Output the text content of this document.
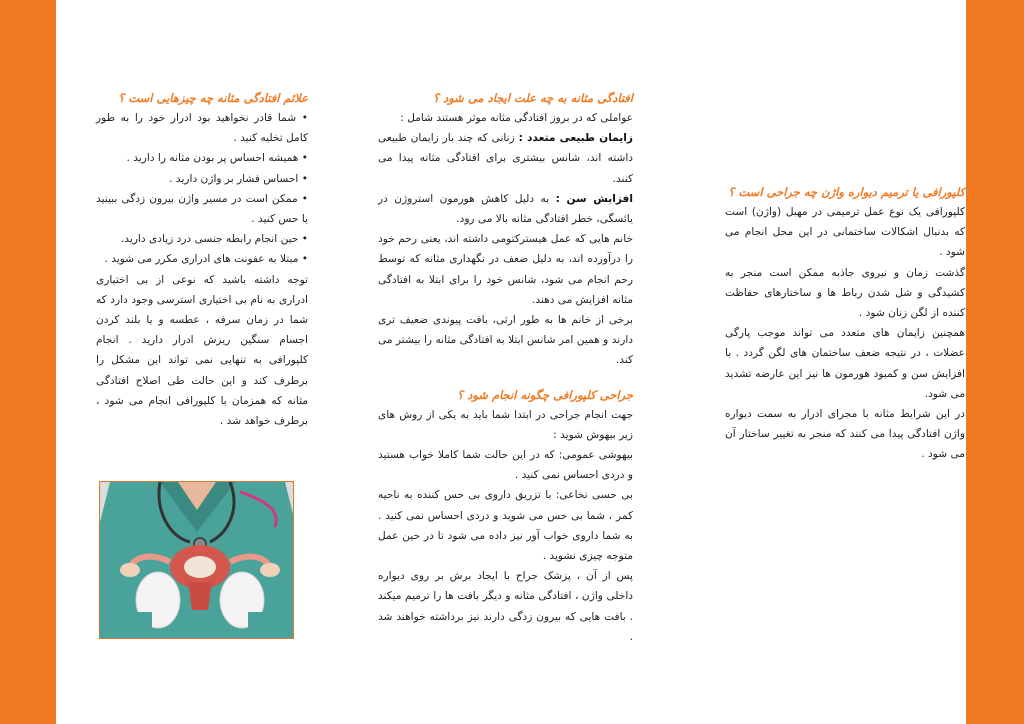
کلپورافی یا ترمیم دیواره واژن چه جراحی است ؟

کلپورافی یک نوع عمل ترمیمی در مهبل (واژن) است که بدنبال اشکالات ساختمانی در این محل انجام می شود .

گذشت زمان و نیروی جاذبه ممکن است منجر به کشیدگی و شل شدن رباط ها و ساختارهای حفاظت کننده از لگن زنان شود .

همچنین زایمان های متعدد می تواند موجب پارگی عضلات ، در نتیجه ضعف ساختمان های لگن گردد . با افزایش سن و کمبود هورمون ها نیز این عارضه تشدید می شود.

در این شرایط مثانه با مجرای ادرار به سمت دیواره واژن افتادگی پیدا می کنند که منجر به تغییر ساختار آن می شود .

افتادگی مثانه به چه علت ایجاد می شود ؟

عواملی که در بروز افتادگی مثانه موثر هستند شامل :

زایمان طبیعی متعدد : زنانی که چند بار زایمان طبیعی داشته اند، شانس بیشتری برای افتادگی مثانه پیدا می کنند.

افزایش سن : به دلیل کاهش هورمون استروژن در یائسگی، خطر افتادگی مثانه بالا می رود.

خانم هایی که عمل هیسترکتومی داشته اند، یعنی رحم خود را درآورده اند، به دلیل ضعف در نگهداری مثانه که توسط رحم انجام می شود، شانس خود را برای ابتلا به افتادگی مثانه افزایش می دهند.

برخی از خانم ها به طور ارثی، بافت پیوندی ضعیف تری دارند و همین امر شانس ابتلا به افتادگی مثانه را بیشتر می کند.

جراحی کلپورافی چگونه انجام شود ؟

جهت انجام جراحی در ابتدا شما باید به یکی از روش های زیر بیهوش شوید :

بیهوشی عمومی: که در این حالت شما کاملا خواب هستید و دردی احساس نمی کنید .

بی حسی نخاعی: با تزریق داروی بی حس کننده به ناحیه کمر ، شما بی حس می شوید و دردی احساس نمی کنید . به شما داروی خواب آور نیز داده می شود تا در حین عمل متوجه چیزی نشوید .

پس از آن ، پزشک جراح با ایجاد برش بر روی دیواره داخلی واژن ، افتادگی مثانه و دیگر بافت ها را ترمیم میکند . بافت هایی که بیرون زدگی دارند نیز برداشته خواهند شد .

علائم افتادگی مثانه چه چیزهایی است ؟

• شما قادر نخواهید بود ادرار خود را به طور کامل تخلیه کنید .

• همیشه احساس پر بودن مثانه را دارید .

• احساس فشار بر واژن دارید .

• ممکن است در مسیر واژن بیرون زدگی ببینید یا حس کنید .

• حین انجام رابطه جنسی درد زیادی دارید.

• مبتلا به عفونت های ادراری مکرر می شوید .

توجه داشته باشید که نوعی از بی اختیاری ادراری به نام بی اختیاری استرسی وجود دارد که شما در زمان سرفه ، عطسه و یا بلند کردن اجسام سنگین ریزش ادرار دارید . انجام کلپورافی به تنهایی نمی تواند این مشکل را برطرف کند و این حالت طی اصلاح افتادگی مثانه که همزمان با کلپورافی انجام می شود ، برطرف خواهد شد .
